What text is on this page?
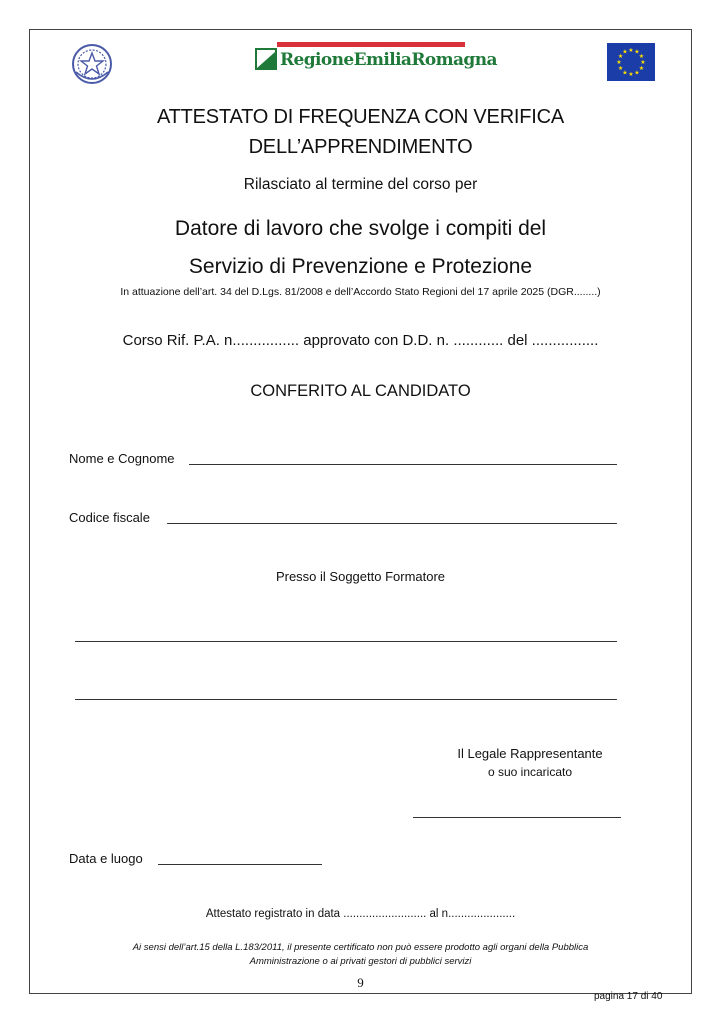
RegioneEmiliaRomagna	★ ★
★
★
★
★
★
★
★
★
★
★
ATTESTATO DI FREQUENZA CON VERIFICA
DELL’APPRENDIMENTO
Rilasciato al termine del corso per
Datore di lavoro che svolge i compiti del
Servizio di Prevenzione e Protezione
In attuazione dell’art. 34 del D.Lgs. 81/2008 e dell’Accordo Stato Regioni del 17 aprile 2025 (DGR........)
Corso Rif. P.A. n................ approvato con D.D. n. ............ del ................
CONFERITO AL CANDIDATO
Nome e Cognome
Codice fiscale
Presso il Soggetto Formatore
Il Legale Rappresentante
o suo incaricato
Data e luogo
Attestato registrato in data .......................... al n.....................
Ai sensi dell’art.15 della L.183/2011, il presente certificato non può essere prodotto agli organi della Pubblica
Amministrazione o ai privati gestori di pubblici servizi
9
pagina 17 di 40
